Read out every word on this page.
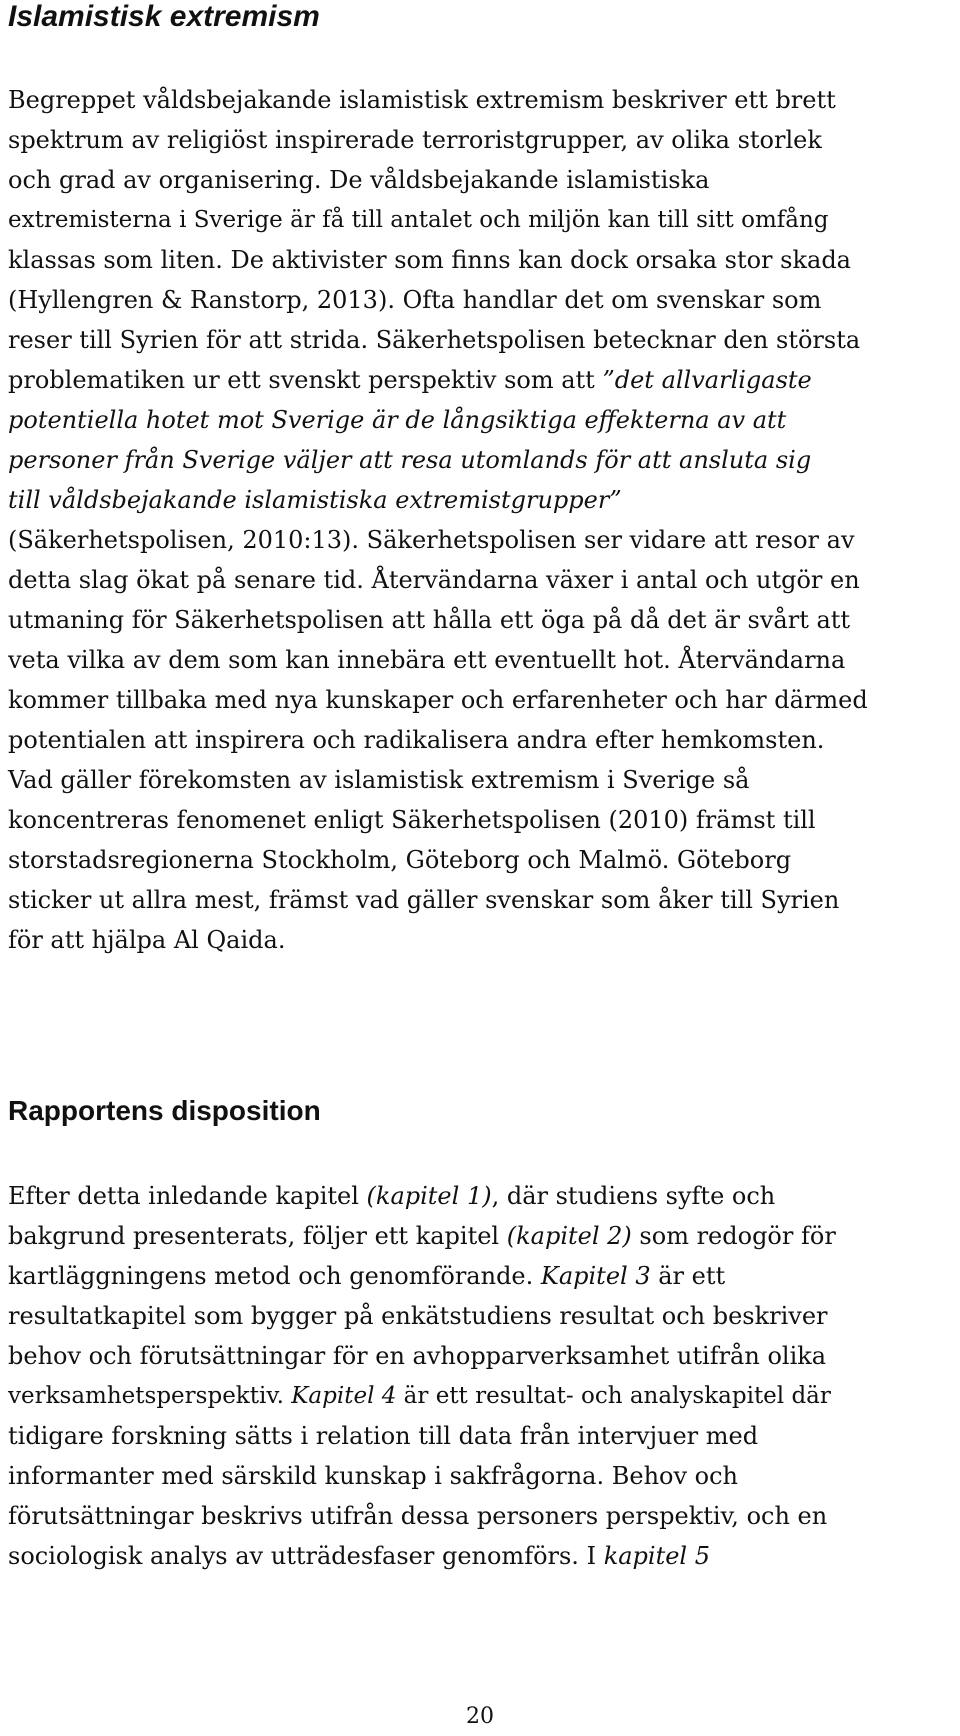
Islamistisk extremism
Begreppet våldsbejakande islamistisk extremism beskriver ett brett
spektrum av religiöst inspirerade terroristgrupper, av olika storlek
och grad av organisering. De våldsbejakande islamistiska
extremisterna i Sverige är få till antalet och miljön kan till sitt omfång
klassas som liten. De aktivister som finns kan dock orsaka stor skada
(Hyllengren & Ranstorp, 2013). Ofta handlar det om svenskar som
reser till Syrien för att strida. Säkerhetspolisen betecknar den största
problematiken ur ett svenskt perspektiv som att ”det allvarligaste
potentiella hotet mot Sverige är de långsiktiga effekterna av att
personer från Sverige väljer att resa utomlands för att ansluta sig
till våldsbejakande islamistiska extremistgrupper”
(Säkerhetspolisen, 2010:13). Säkerhetspolisen ser vidare att resor av
detta slag ökat på senare tid. Återvändarna växer i antal och utgör en
utmaning för Säkerhetspolisen att hålla ett öga på då det är svårt att
veta vilka av dem som kan innebära ett eventuellt hot. Återvändarna
kommer tillbaka med nya kunskaper och erfarenheter och har därmed
potentialen att inspirera och radikalisera andra efter hemkomsten.
Vad gäller förekomsten av islamistisk extremism i Sverige så
koncentreras fenomenet enligt Säkerhetspolisen (2010) främst till
storstadsregionerna Stockholm, Göteborg och Malmö. Göteborg
sticker ut allra mest, främst vad gäller svenskar som åker till Syrien
för att hjälpa Al Qaida.
Rapportens disposition
Efter detta inledande kapitel (kapitel 1), där studiens syfte och
bakgrund presenterats, följer ett kapitel (kapitel 2) som redogör för
kartläggningens metod och genomförande. Kapitel 3 är ett
resultatkapitel som bygger på enkätstudiens resultat och beskriver
behov och förutsättningar för en avhopparverksamhet utifrån olika
verksamhetsperspektiv. Kapitel 4 är ett resultat- och analyskapitel där
tidigare forskning sätts i relation till data från intervjuer med
informanter med särskild kunskap i sakfrågorna. Behov och
förutsättningar beskrivs utifrån dessa personers perspektiv, och en
sociologisk analys av utträdesfaser genomförs. I kapitel 5
20
